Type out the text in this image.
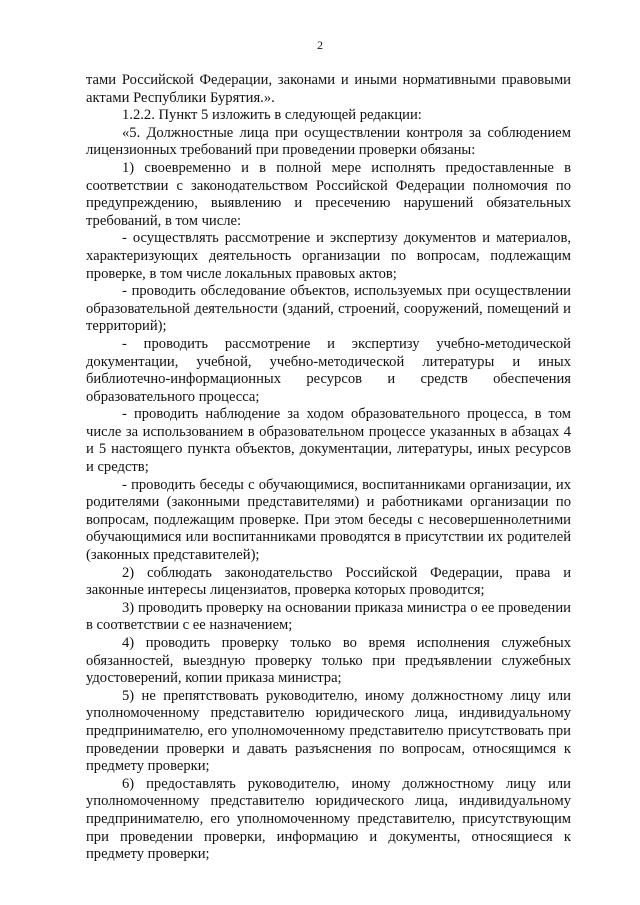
2

тами Российской Федерации, законами и иными нормативными правовыми актами Республики Бурятия.».

1.2.2. Пункт 5 изложить в следующей редакции:

«5. Должностные лица при осуществлении контроля за соблюдением лицензионных требований при проведении проверки обязаны:

1) своевременно и в полной мере исполнять предоставленные в соответствии с законодательством Российской Федерации полномочия по предупреждению, выявлению и пресечению нарушений обязательных требований, в том числе:

- осуществлять рассмотрение и экспертизу документов и материалов, характеризующих деятельность организации по вопросам, подлежащим проверке, в том числе локальных правовых актов;

- проводить обследование объектов, используемых при осуществлении образовательной деятельности (зданий, строений, сооружений, помещений и территорий);

- проводить рассмотрение и экспертизу учебно-методической документации, учебной, учебно-методической литературы и иных библиотечно-информационных ресурсов и средств обеспечения образовательного процесса;

- проводить наблюдение за ходом образовательного процесса, в том числе за использованием в образовательном процессе указанных в абзацах 4 и 5 настоящего пункта объектов, документации, литературы, иных ресурсов и средств;

- проводить беседы с обучающимися, воспитанниками организации, их родителями (законными представителями) и работниками организации по вопросам, подлежащим проверке. При этом беседы с несовершеннолетними обучающимися или воспитанниками проводятся в присутствии их родителей (законных представителей);

2) соблюдать законодательство Российской Федерации, права и законные интересы лицензиатов, проверка которых проводится;

3) проводить проверку на основании приказа министра о ее проведении в соответствии с ее назначением;

4) проводить проверку только во время исполнения служебных обязанностей, выездную проверку только при предъявлении служебных удостоверений, копии приказа министра;

5) не препятствовать руководителю, иному должностному лицу или уполномоченному представителю юридического лица, индивидуальному предпринимателю, его уполномоченному представителю присутствовать при проведении проверки и давать разъяснения по вопросам, относящимся к предмету проверки;

6) предоставлять руководителю, иному должностному лицу или уполномоченному представителю юридического лица, индивидуальному предпринимателю, его уполномоченному представителю, присутствующим при проведении проверки, информацию и документы, относящиеся к предмету проверки;
